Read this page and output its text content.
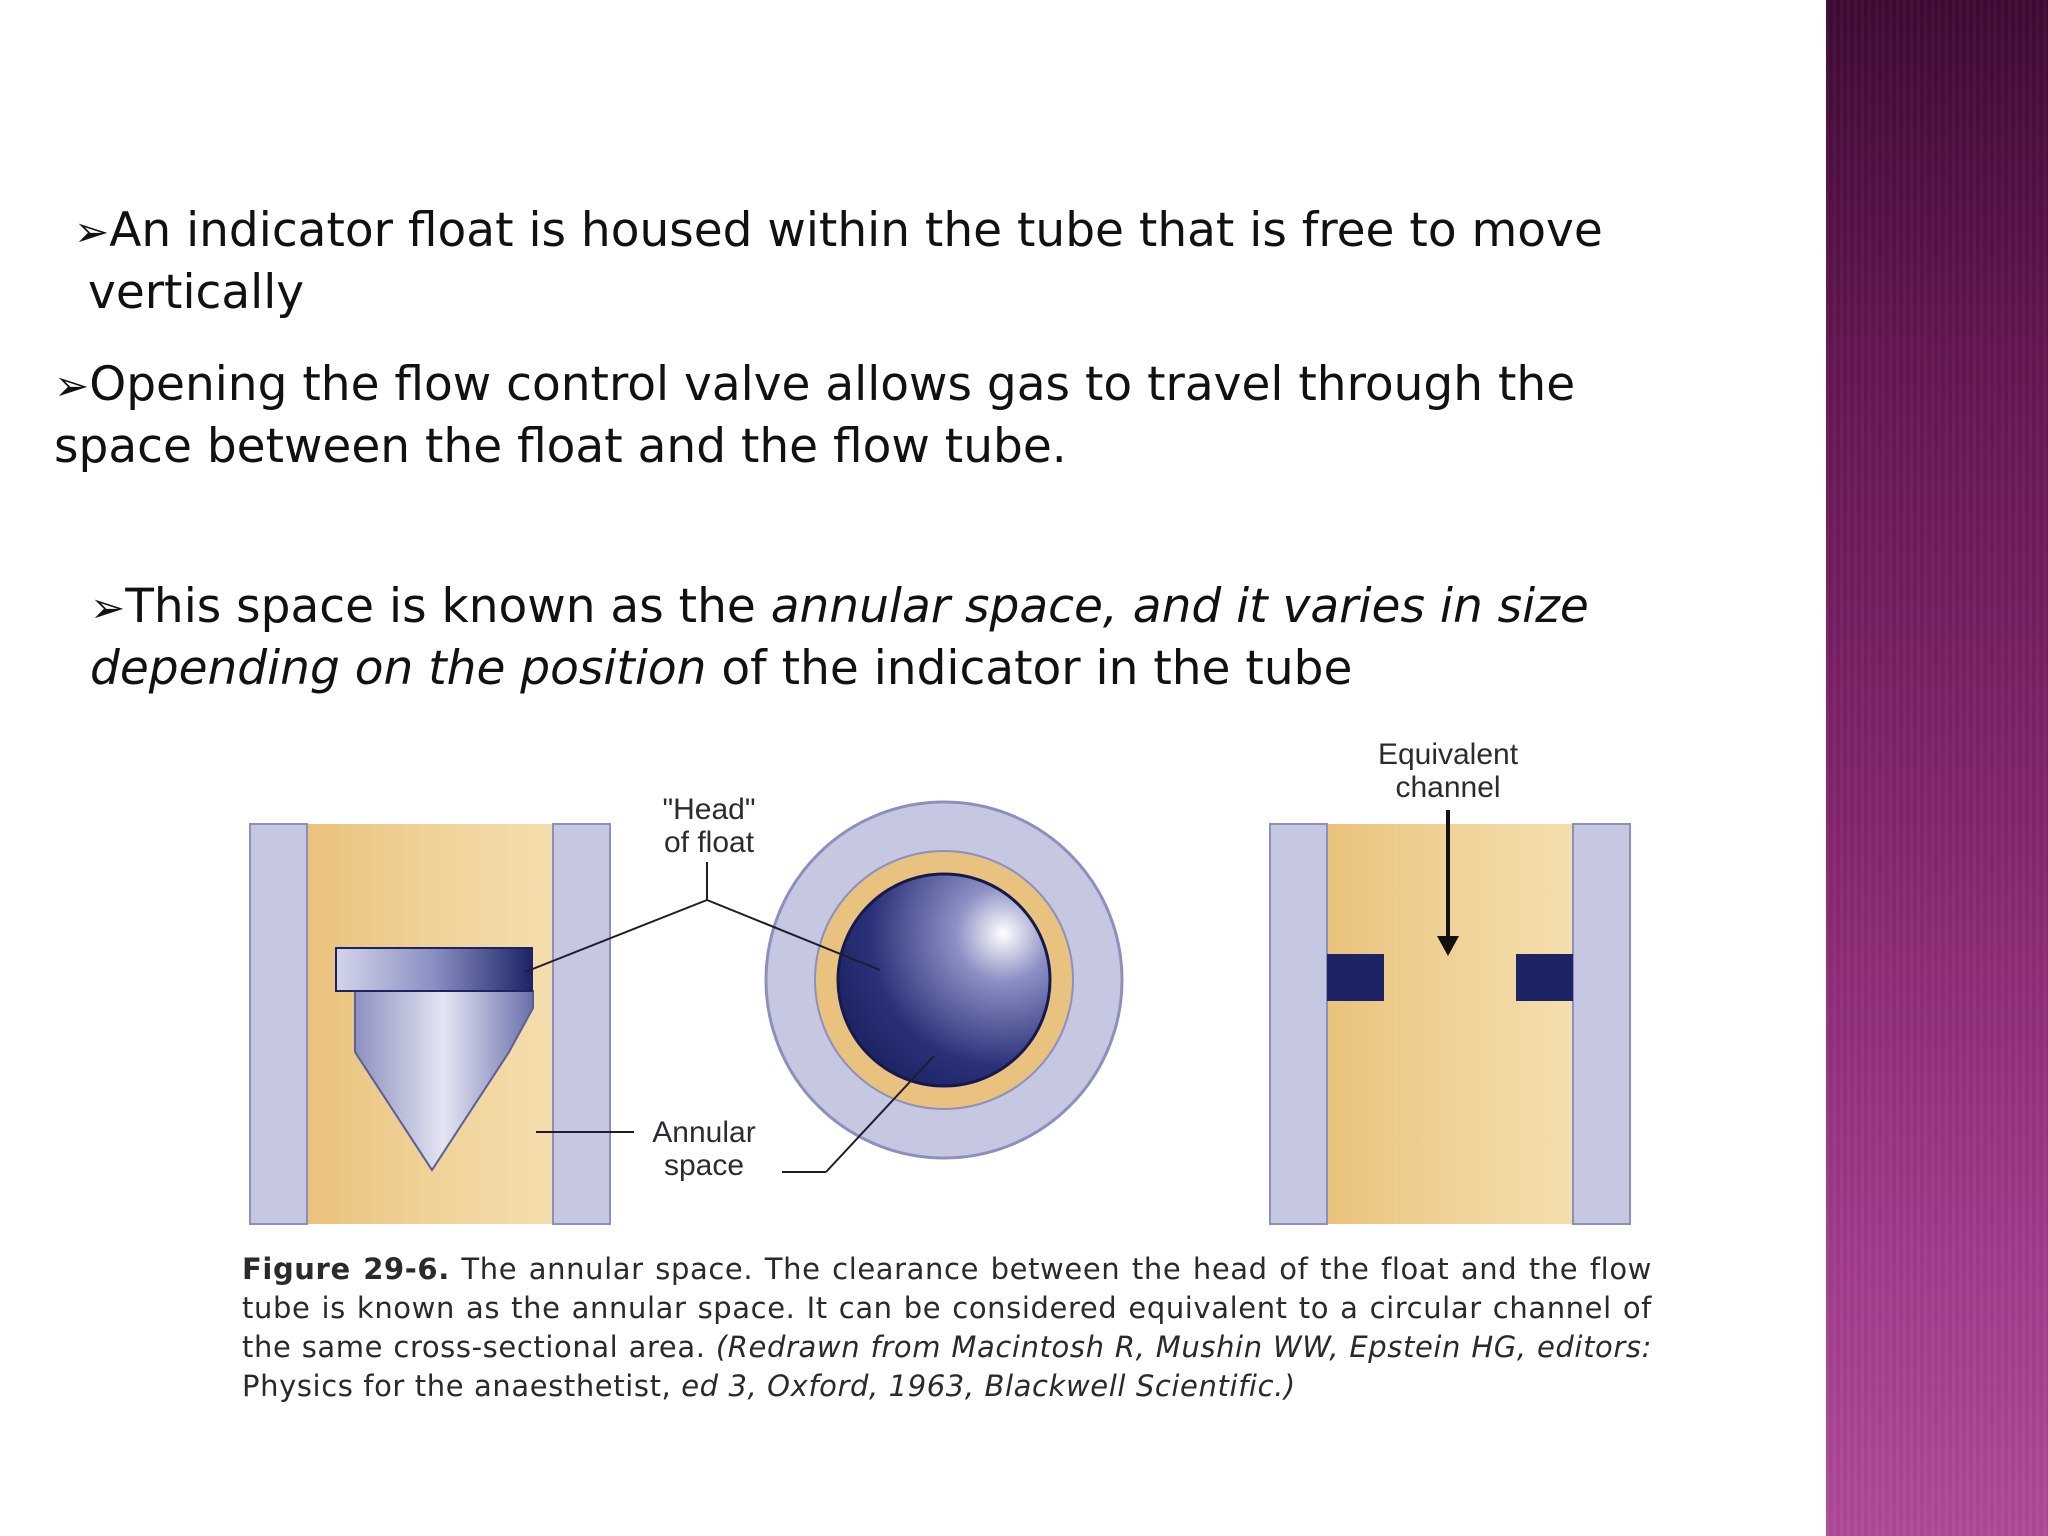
➢An indicator float is housed within the tube that is free to move
vertically

➢Opening the flow control valve allows gas to travel through the
space between the float and the flow tube.

➢This space is known as the annular space, and it varies in size
depending on the position of the indicator in the tube

"Head"
of float
Annular
space
Equivalent
channel
Figure 29-6. The annular space. The clearance between the head of the float and the flow tube is known as the annular space. It can be considered equivalent to a circular channel of the same cross-sectional area. (Redrawn from Macintosh R, Mushin WW, Epstein HG, editors: Physics for the anaesthetist, ed 3, Oxford, 1963, Blackwell Scientific.)
